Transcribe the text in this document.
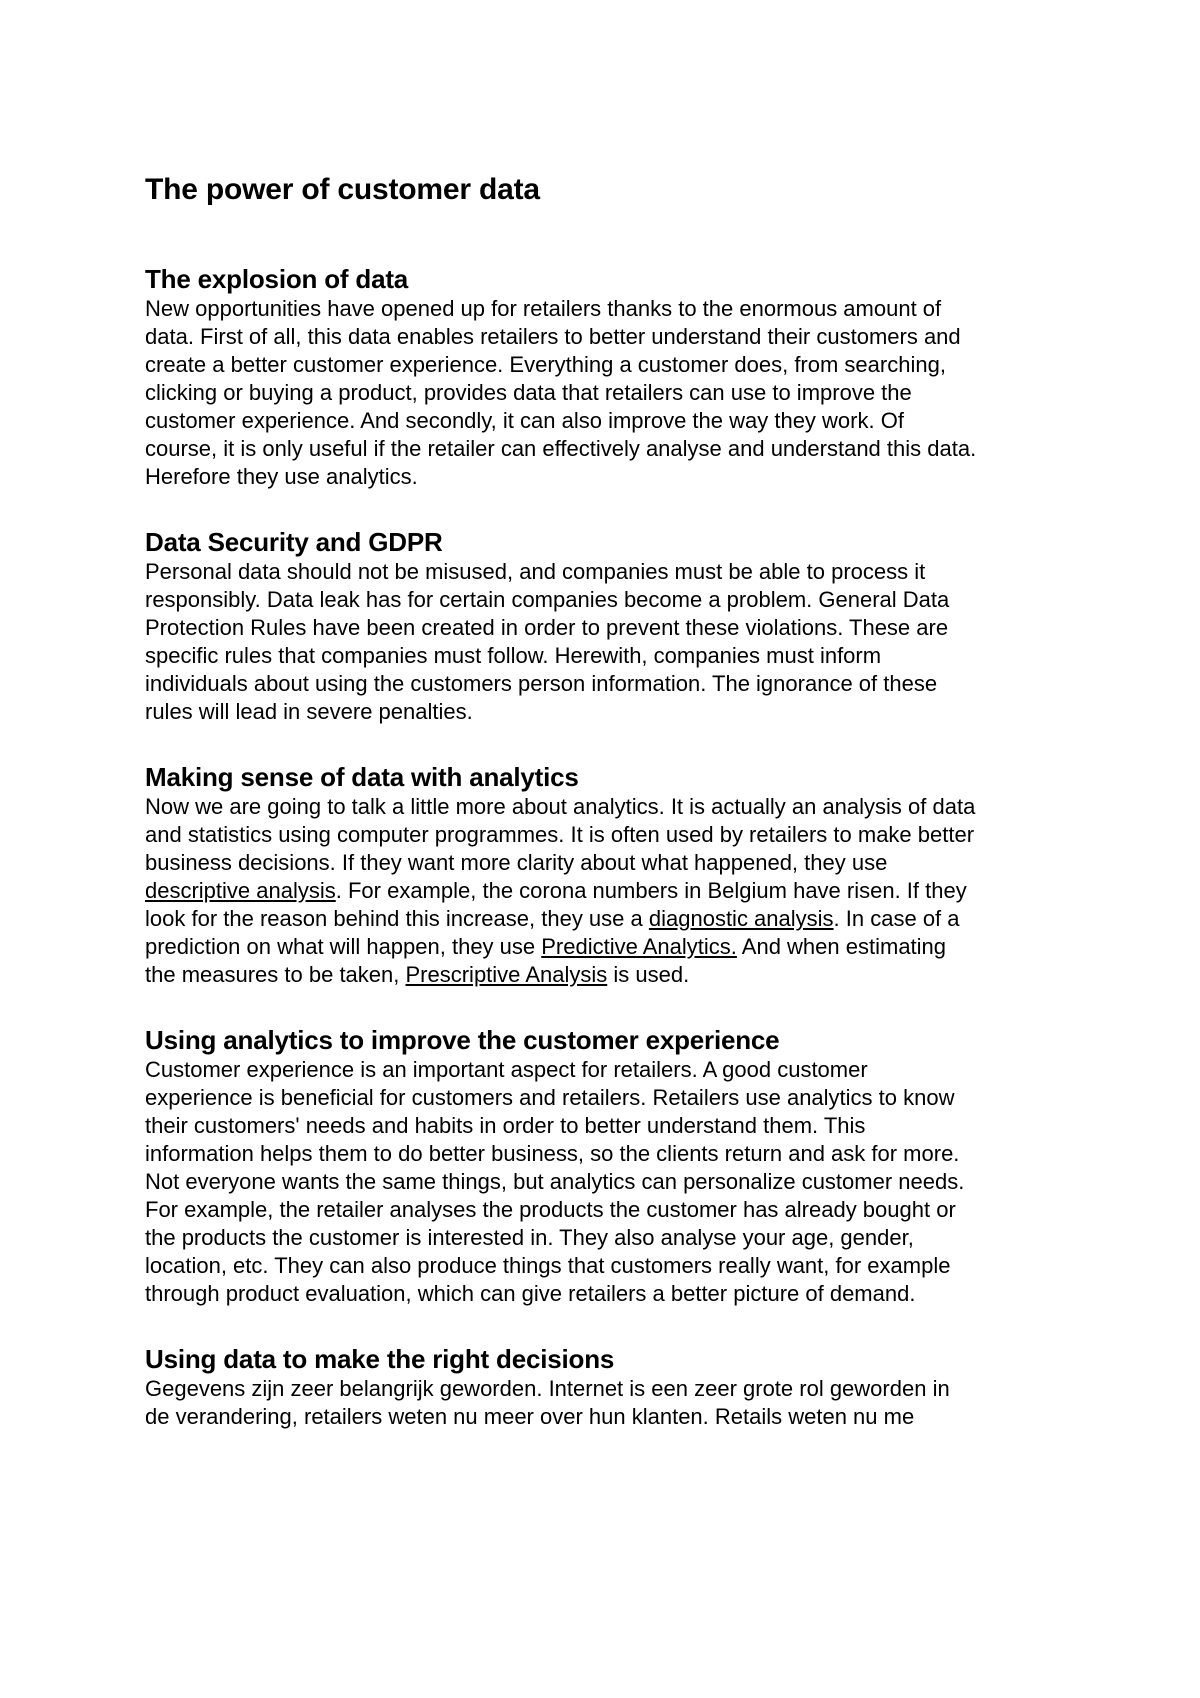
The power of customer data
The explosion of data

New opportunities have opened up for retailers thanks to the enormous amount of
data. First of all, this data enables retailers to better understand their customers and
create a better customer experience. Everything a customer does, from searching,
clicking or buying a product, provides data that retailers can use to improve the
customer experience. And secondly, it can also improve the way they work. Of
course, it is only useful if the retailer can effectively analyse and understand this data.
Herefore they use analytics.

Data Security and GDPR

Personal data should not be misused, and companies must be able to process it
responsibly. Data leak has for certain companies become a problem. General Data
Protection Rules have been created in order to prevent these violations. These are
specific rules that companies must follow. Herewith, companies must inform
individuals about using the customers person information. The ignorance of these
rules will lead in severe penalties.

Making sense of data with analytics

Now we are going to talk a little more about analytics. It is actually an analysis of data
and statistics using computer programmes. It is often used by retailers to make better
business decisions. If they want more clarity about what happened, they use
descriptive analysis. For example, the corona numbers in Belgium have risen. If they
look for the reason behind this increase, they use a diagnostic analysis. In case of a
prediction on what will happen, they use Predictive Analytics. And when estimating
the measures to be taken, Prescriptive Analysis is used.

Using analytics to improve the customer experience

Customer experience is an important aspect for retailers. A good customer
experience is beneficial for customers and retailers. Retailers use analytics to know
their customers' needs and habits in order to better understand them. This
information helps them to do better business, so the clients return and ask for more.
Not everyone wants the same things, but analytics can personalize customer needs.
For example, the retailer analyses the products the customer has already bought or
the products the customer is interested in. They also analyse your age, gender,
location, etc. They can also produce things that customers really want, for example
through product evaluation, which can give retailers a better picture of demand.

Using data to make the right decisions

Gegevens zijn zeer belangrijk geworden. Internet is een zeer grote rol geworden in
de verandering, retailers weten nu meer over hun klanten. Retails weten nu me
